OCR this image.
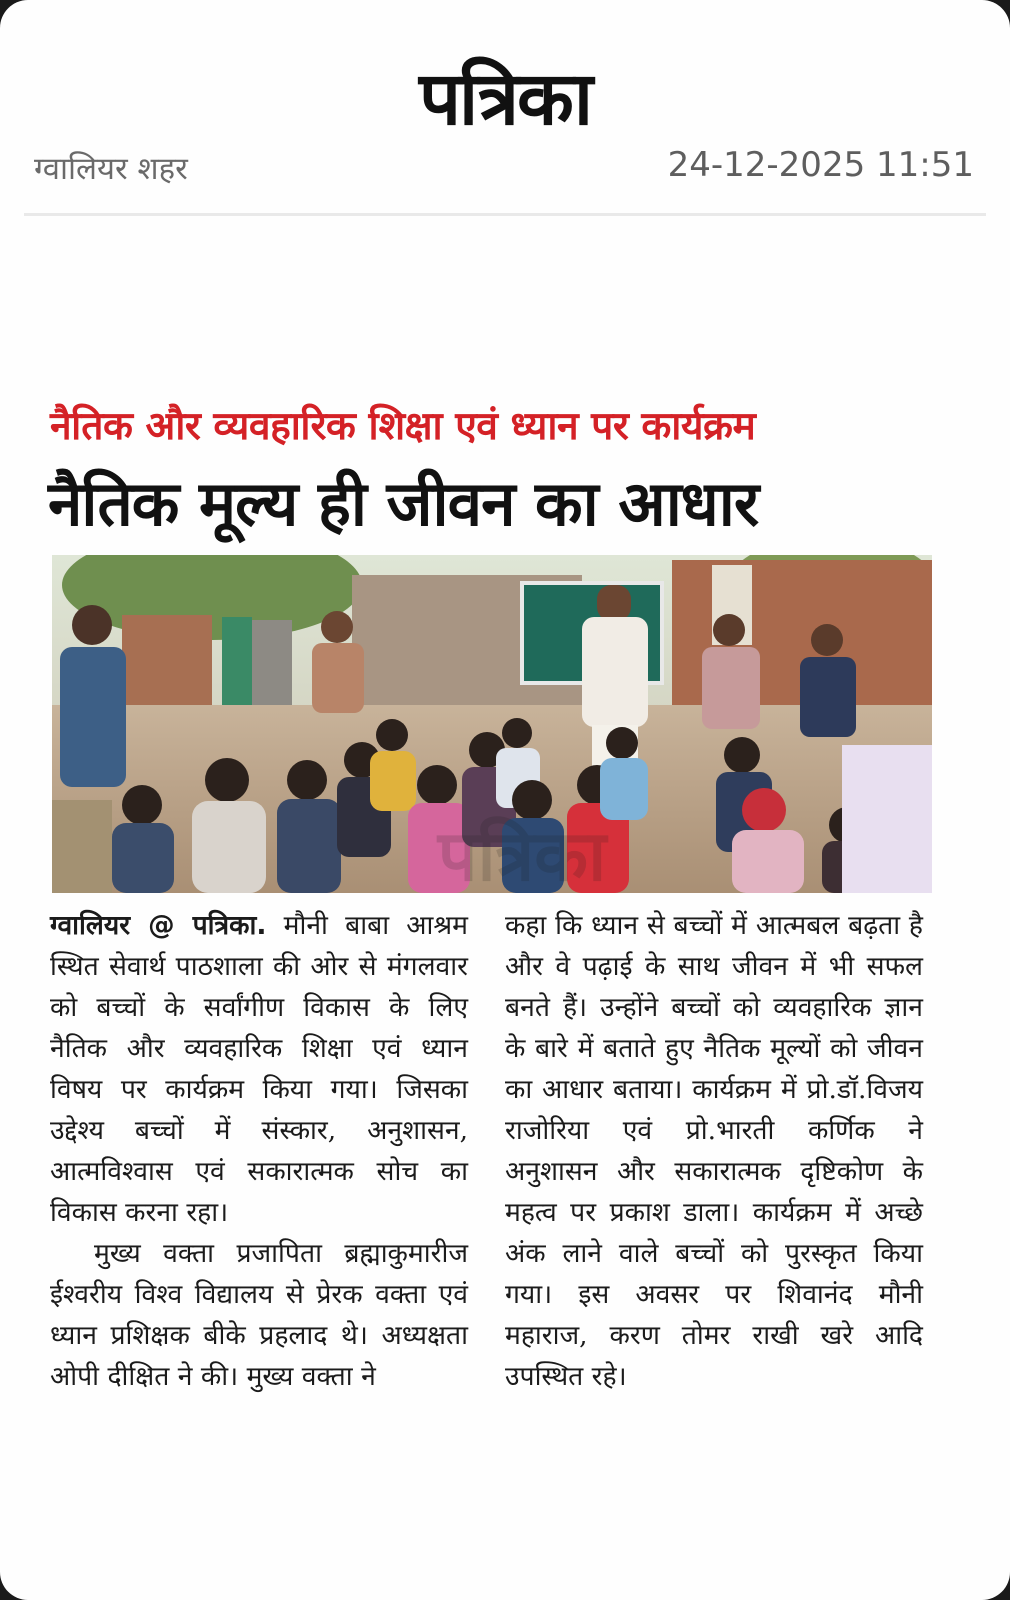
पत्रिका
ग्वालियर शहर	24-12-2025 11:51
नैतिक और व्यवहारिक शिक्षा एवं ध्यान पर कार्यक्रम
नैतिक मूल्य ही जीवन का आधार
पत्रिका

ग्वालियर @ पत्रिका. मौनी बाबा आश्रम स्थित सेवार्थ पाठशाला की ओर से मंगलवार को बच्चों के सर्वांगीण विकास के लिए नैतिक और व्यवहारिक शिक्षा एवं ध्यान विषय पर कार्यक्रम किया गया। जिसका उद्देश्य बच्चों में संस्कार, अनुशासन, आत्मविश्वास एवं सकारात्मक सोच का विकास करना रहा।

मुख्य वक्ता प्रजापिता ब्रह्माकुमारीज ईश्वरीय विश्व विद्यालय से प्रेरक वक्ता एवं ध्यान प्रशिक्षक बीके प्रहलाद थे। अध्यक्षता ओपी दीक्षित ने की। मुख्य वक्ता ने

कहा कि ध्यान से बच्चों में आत्मबल बढ़ता है और वे पढ़ाई के साथ जीवन में भी सफल बनते हैं। उन्होंने बच्चों को व्यवहारिक ज्ञान के बारे में बताते हुए नैतिक मूल्यों को जीवन का आधार बताया। कार्यक्रम में प्रो.डॉ.विजय राजोरिया एवं प्रो.भारती कर्णिक ने अनुशासन और सकारात्मक दृष्टिकोण के महत्व पर प्रकाश डाला। कार्यक्रम में अच्छे अंक लाने वाले बच्चों को पुरस्कृत किया गया। इस अवसर पर शिवानंद मौनी महाराज, करण तोमर राखी खरे आदि उपस्थित रहे।
